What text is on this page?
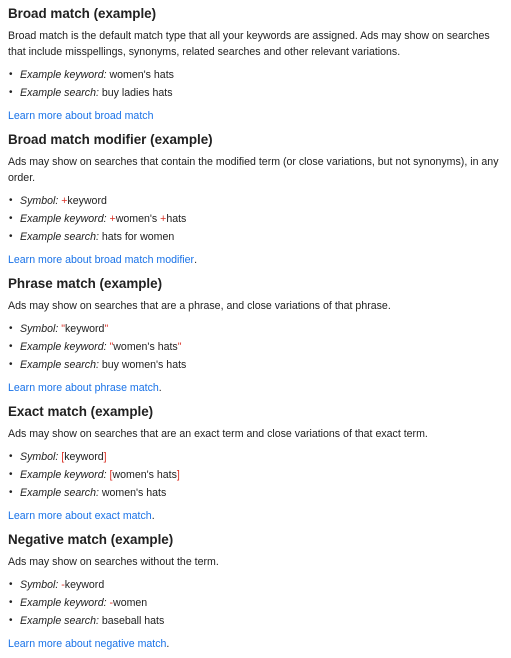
Broad match (example)

Broad match is the default match type that all your keywords are assigned. Ads may show on searches that include misspellings, synonyms, related searches and other relevant variations.

• Example keyword: women's hats
• Example search: buy ladies hats
Learn more about broad match
Broad match modifier (example)

Ads may show on searches that contain the modified term (or close variations, but not synonyms), in any order.

• Symbol: +keyword
• Example keyword: +women's +hats
• Example search: hats for women
Learn more about broad match modifier.
Phrase match (example)

Ads may show on searches that are a phrase, and close variations of that phrase.

• Symbol: "keyword"
• Example keyword: "women's hats"
• Example search: buy women's hats
Learn more about phrase match.
Exact match (example)

Ads may show on searches that are an exact term and close variations of that exact term.

• Symbol: [keyword]
• Example keyword: [women's hats]
• Example search: women's hats
Learn more about exact match.
Negative match (example)

Ads may show on searches without the term.

• Symbol: -keyword
• Example keyword: -women
• Example search: baseball hats
Learn more about negative match.
